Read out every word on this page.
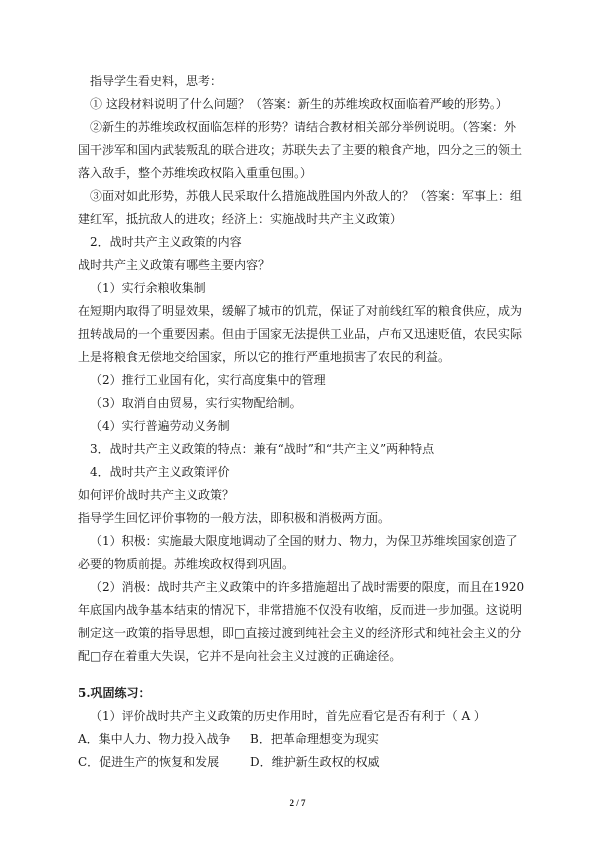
指导学生看史料，思考：
① 这段材料说明了什么问题？（答案：新生的苏维埃政权面临着严峻的形势。）
②新生的苏维埃政权面临怎样的形势？请结合教材相关部分举例说明。（答案：外国干涉军和国内武装叛乱的联合进攻；苏联失去了主要的粮食产地，四分之三的领土落入敌手，整个苏维埃政权陷入重重包围。）
③面对如此形势，苏俄人民采取什么措施战胜国内外敌人的？（答案：军事上：组建红军，抵抗敌人的进攻；经济上：实施战时共产主义政策）
2．战时共产主义政策的内容
战时共产主义政策有哪些主要内容？
（1）实行余粮收集制
在短期内取得了明显效果，缓解了城市的饥荒，保证了对前线红军的粮食供应，成为扭转战局的一个重要因素。但由于国家无法提供工业品，卢布又迅速贬值，农民实际上是将粮食无偿地交给国家，所以它的推行严重地损害了农民的利益。
（2）推行工业国有化，实行高度集中的管理
（3）取消自由贸易，实行实物配给制。
（4）实行普遍劳动义务制
3．战时共产主义政策的特点：兼有“战时”和“共产主义”两种特点
4．战时共产主义政策评价
如何评价战时共产主义政策？
指导学生回忆评价事物的一般方法，即积极和消极两方面。
（1）积极：实施最大限度地调动了全国的财力、物力，为保卫苏维埃国家创造了必要的物质前提。苏维埃政权得到巩固。
（2）消极：战时共产主义政策中的许多措施超出了战时需要的限度，而且在1920年底国内战争基本结束的情况下，非常措施不仅没有收缩，反而进一步加强。这说明制定这一政策的指导思想，即□直接过渡到纯社会主义的经济形式和纯社会主义的分配□存在着重大失误，它并不是向社会主义过渡的正确途径。
5.巩固练习：
（1）评价战时共产主义政策的历史作用时，首先应看它是否有利于（ A ）
A．集中人力、物力投入战争	B．把革命理想变为现实
C．促进生产的恢复和发展	D．维护新生政权的权威
2 / 7
